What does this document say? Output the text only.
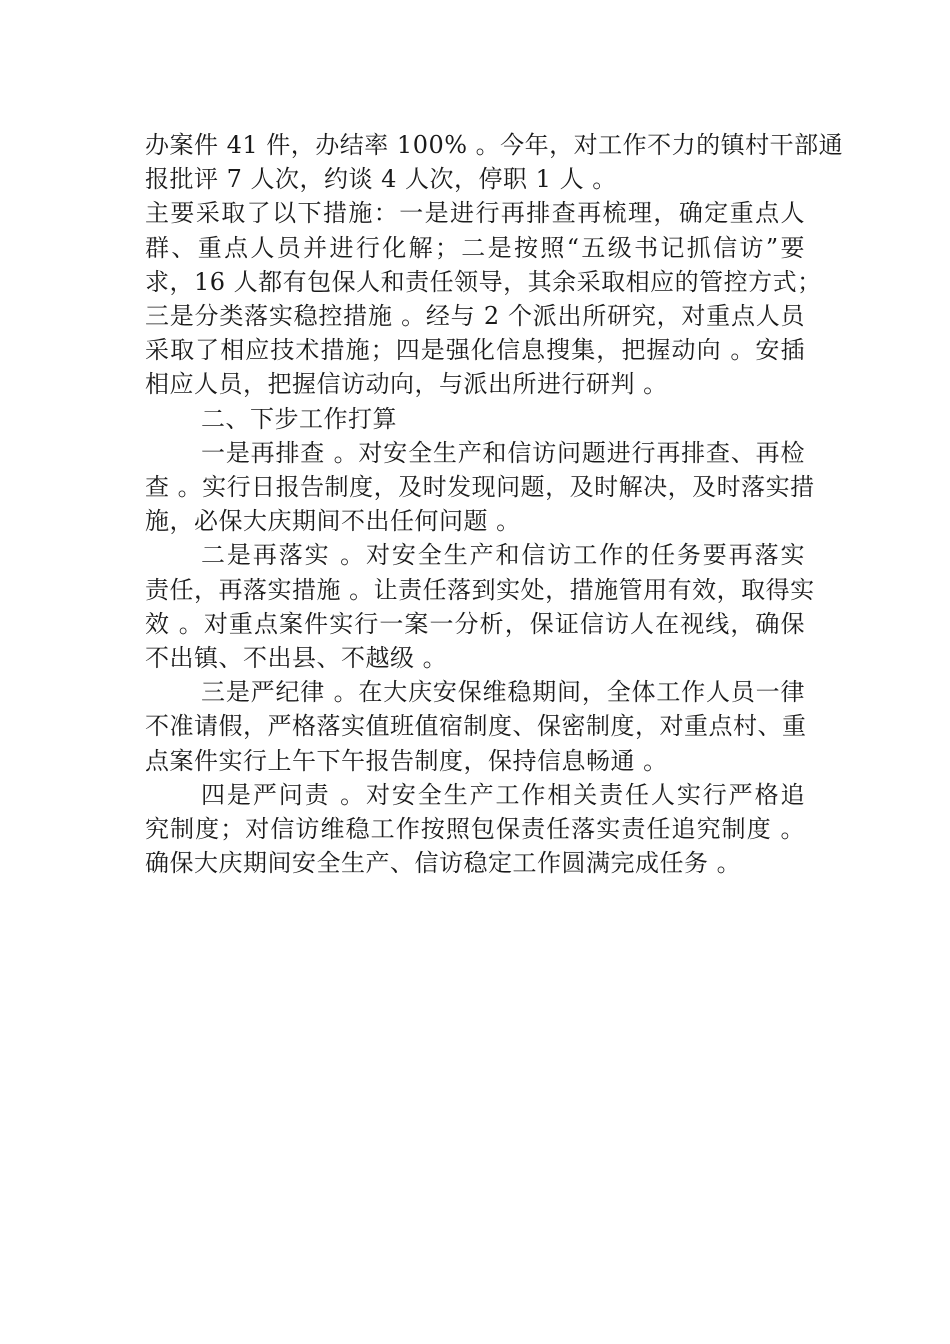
办案件 41 件，办结率 100% 。今年，对工作不力的镇村干部通
报批评 7 人次，约谈 4 人次，停职 1 人 。

主要采取了以下措施：一是进行再排查再梳理，确定重点人
群、重点人员并进行化解；二是按照“五级书记抓信访”要
求，16 人都有包保人和责任领导，其余采取相应的管控方式；
三是分类落实稳控措施 。经与 2 个派出所研究，对重点人员
采取了相应技术措施；四是强化信息搜集，把握动向 。安插
相应人员，把握信访动向，与派出所进行研判 。

二、下步工作打算

一是再排查 。对安全生产和信访问题进行再排查、再检
查 。实行日报告制度，及时发现问题，及时解决，及时落实措
施，必保大庆期间不出任何问题 。

二是再落实 。对安全生产和信访工作的任务要再落实
责任，再落实措施 。让责任落到实处，措施管用有效，取得实
效 。对重点案件实行一案一分析，保证信访人在视线，确保
不出镇、不出县、不越级 。

三是严纪律 。在大庆安保维稳期间，全体工作人员一律
不准请假，严格落实值班值宿制度、保密制度，对重点村、重
点案件实行上午下午报告制度，保持信息畅通 。

四是严问责 。对安全生产工作相关责任人实行严格追
究制度；对信访维稳工作按照包保责任落实责任追究制度 。
确保大庆期间安全生产、信访稳定工作圆满完成任务 。
